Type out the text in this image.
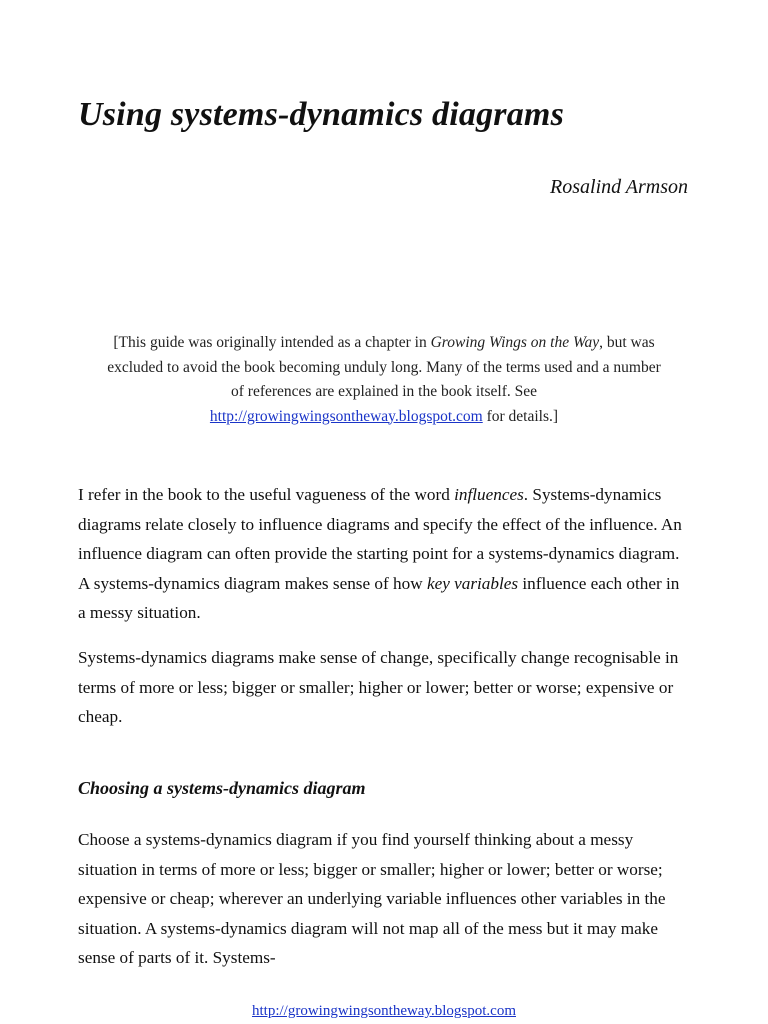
Using systems-dynamics diagrams
Rosalind Armson
[This guide was originally intended as a chapter in Growing Wings on the Way, but was excluded to avoid the book becoming unduly long. Many of the terms used and a number of references are explained in the book itself. See http://growingwingsontheway.blogspot.com for details.]

I refer in the book to the useful vagueness of the word influences. Systems-dynamics diagrams relate closely to influence diagrams and specify the effect of the influence. An influence diagram can often provide the starting point for a systems-dynamics diagram. A systems-dynamics diagram makes sense of how key variables influence each other in a messy situation.

Systems-dynamics diagrams make sense of change, specifically change recognisable in terms of more or less; bigger or smaller; higher or lower; better or worse; expensive or cheap.

Choosing a systems-dynamics diagram

Choose a systems-dynamics diagram if you find yourself thinking about a messy situation in terms of more or less; bigger or smaller; higher or lower; better or worse; expensive or cheap; wherever an underlying variable influences other variables in the situation. A systems-dynamics diagram will not map all of the mess but it may make sense of parts of it. Systems-

http://growingwingsontheway.blogspot.com
